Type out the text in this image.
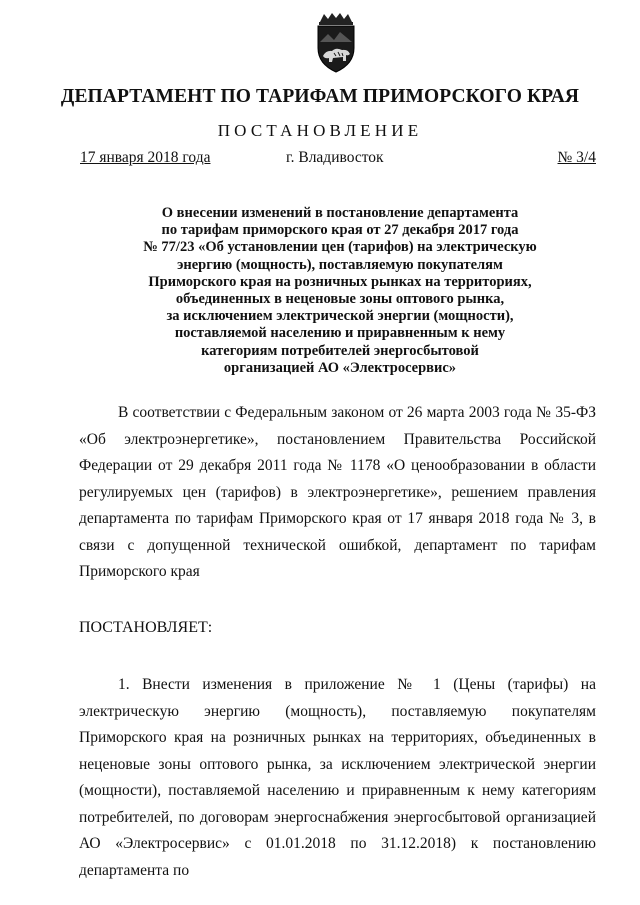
ДЕПАРТАМЕНТ ПО ТАРИФАМ ПРИМОРСКОГО КРАЯ
ПОСТАНОВЛЕНИЕ
17 января 2018 года	г. Владивосток	№ 3/4
О внесении изменений в постановление департамента
по тарифам приморского края от 27 декабря 2017 года
№ 77/23 «Об установлении цен (тарифов) на электрическую
энергию (мощность), поставляемую покупателям
Приморского края на розничных рынках на территориях,
объединенных в неценовые зоны оптового рынка,
за исключением электрической энергии (мощности),
поставляемой населению и приравненным к нему
категориям потребителей энергосбытовой
организацией АО «Электросервис»

В соответствии с Федеральным законом от 26 марта 2003 года № 35-ФЗ «Об электроэнергетике», постановлением Правительства Российской Федерации от 29 декабря 2011 года № 1178 «О ценообразовании в области регулируемых цен (тарифов) в электроэнергетике», решением правления департамента по тарифам Приморского края от 17 января 2018 года № 3, в связи с допущенной технической ошибкой, департамент по тарифам Приморского края

ПОСТАНОВЛЯЕТ:

1. Внести изменения в приложение № 1 (Цены (тарифы) на электрическую энергию (мощность), поставляемую покупателям Приморского края на розничных рынках на территориях, объединенных в неценовые зоны оптового рынка, за исключением электрической энергии (мощности), поставляемой населению и приравненным к нему категориям потребителей, по договорам энергоснабжения энергосбытовой организацией АО «Электросервис» с 01.01.2018 по 31.12.2018) к постановлению департамента по
